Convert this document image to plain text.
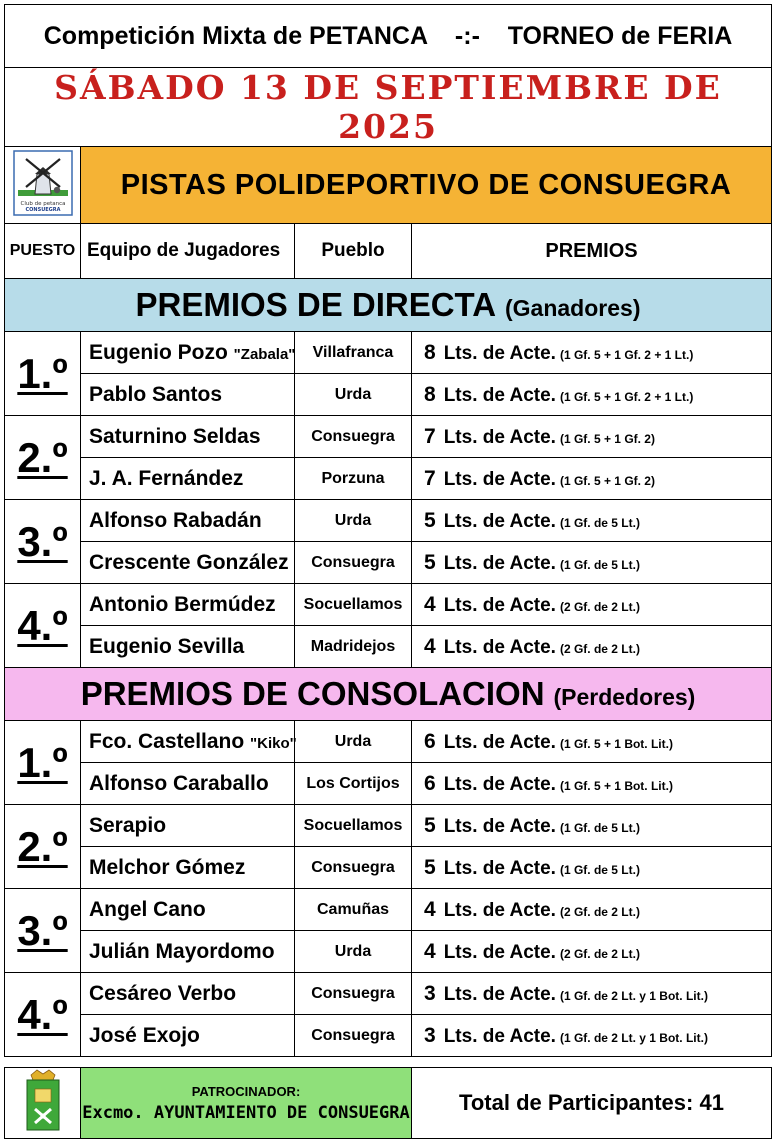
Competición Mixta de PETANCA -:- TORNEO de FERIA			
SÁBADO 13 DE SEPTIEMBRE DE 2025			

Club de petanca
CONSUEGRA	PISTAS POLIDEPORTIVO DE CONSUEGRA		
PUESTO	Equipo de Jugadores	Pueblo	PREMIOS
PREMIOS DE DIRECTA (Ganadores)			
1.º	Eugenio Pozo "Zabala"	Villafranca	8 Lts. de Acte. (1 Gf. 5 + 1 Gf. 2 + 1 Lt.)
	Pablo Santos	Urda	8 Lts. de Acte. (1 Gf. 5 + 1 Gf. 2 + 1 Lt.)
2.º	Saturnino Seldas	Consuegra	7 Lts. de Acte. (1 Gf. 5 + 1 Gf. 2)
	J. A. Fernández	Porzuna	7 Lts. de Acte. (1 Gf. 5 + 1 Gf. 2)
3.º	Alfonso Rabadán	Urda	5 Lts. de Acte. (1 Gf. de 5 Lt.)
	Crescente González	Consuegra	5 Lts. de Acte. (1 Gf. de 5 Lt.)
4.º	Antonio Bermúdez	Socuellamos	4 Lts. de Acte. (2 Gf. de 2 Lt.)
	Eugenio Sevilla	Madridejos	4 Lts. de Acte. (2 Gf. de 2 Lt.)
PREMIOS DE CONSOLACION (Perdedores)			
1.º	Fco. Castellano "Kiko"	Urda	6 Lts. de Acte. (1 Gf. 5 + 1 Bot. Lit.)
	Alfonso Caraballo	Los Cortijos	6 Lts. de Acte. (1 Gf. 5 + 1 Bot. Lit.)
2.º	Serapio	Socuellamos	5 Lts. de Acte. (1 Gf. de 5 Lt.)
	Melchor Gómez	Consuegra	5 Lts. de Acte. (1 Gf. de 5 Lt.)
3.º	Angel Cano	Camuñas	4 Lts. de Acte. (2 Gf. de 2 Lt.)
	Julián Mayordomo	Urda	4 Lts. de Acte. (2 Gf. de 2 Lt.)
4.º	Cesáreo Verbo	Consuegra	3 Lts. de Acte. (1 Gf. de 2 Lt. y 1 Bot. Lit.)
	José Exojo	Consuegra	3 Lts. de Acte. (1 Gf. de 2 Lt. y 1 Bot. Lit.)

PATROCINADOR:
Excmo. AYUNTAMIENTO DE CONSUEGRA	Total de Participantes: 41
